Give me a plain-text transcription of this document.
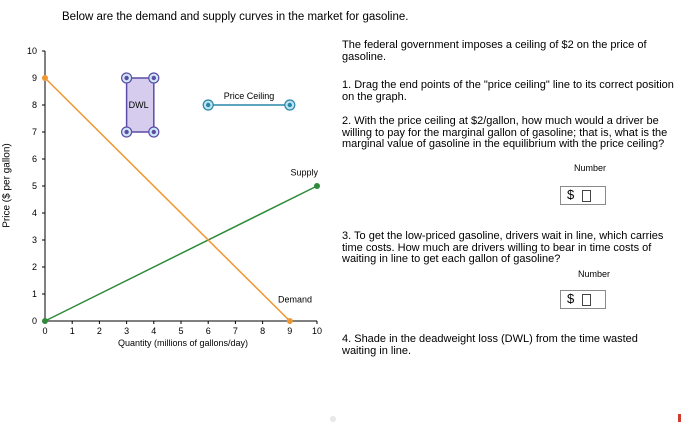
Below are the demand and supply curves in the market for gasoline.
Price ($ per gallon)
0
1
2
3
4
5
6
7
8
9
10
0 1 2 3 4 5 6 7 8 9 10
Supply
Demand
Price Ceiling
DWL
Quantity (millions of gallons/day)

The federal government imposes a ceiling of $2 on the price of gasoline.

1. Drag the end points of the "price ceiling" line to its correct position on the graph.

2. With the price ceiling at $2/gallon, how much would a driver be willing to pay for the marginal gallon of gasoline; that is, what is the marginal value of gasoline in the equilibrium with the price ceiling?

Number
$

3. To get the low-priced gasoline, drivers wait in line, which carries time costs. How much are drivers willing to bear in time costs of waiting in line to get each gallon of gasoline?

Number
$

4. Shade in the deadweight loss (DWL) from the time wasted waiting in line.
